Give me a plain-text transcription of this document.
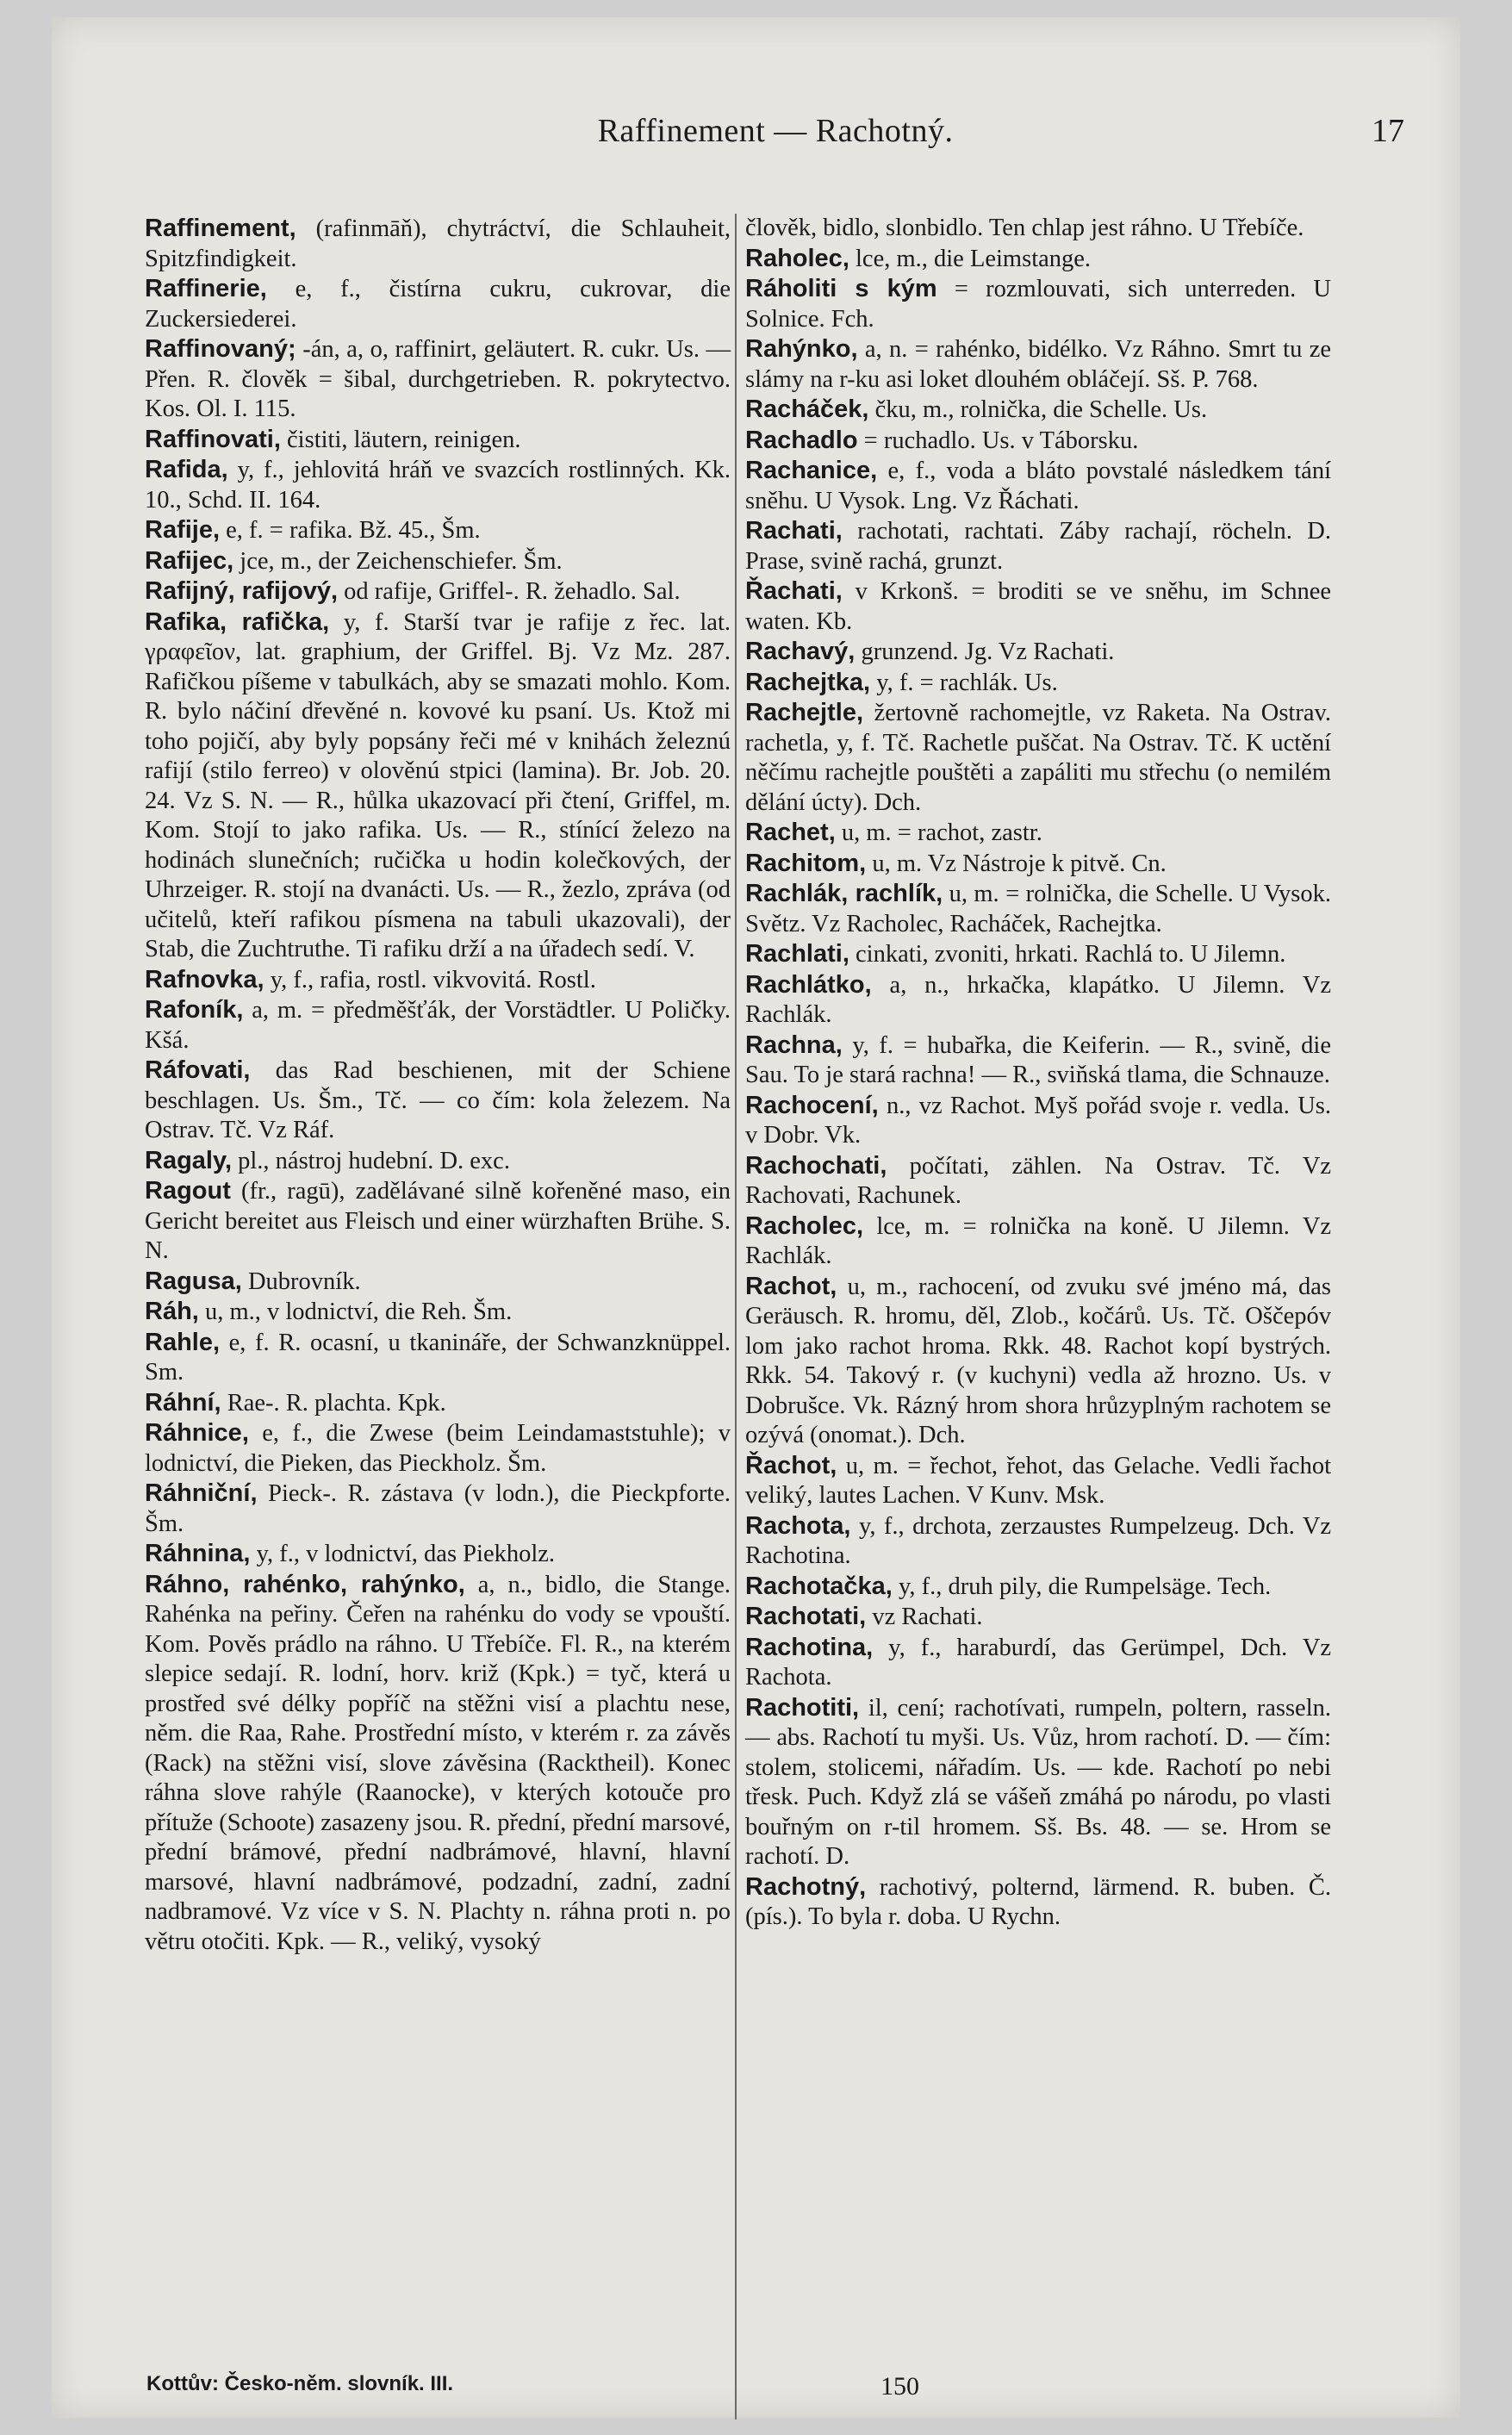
Raffinement — Rachotný.	17
Raffinement, (rafinmāň), chytráctví, die Schlauheit, Spitzfindigkeit.
Raffinerie, e, f., čistírna cukru, cukrovar, die Zuckersiederei.
Raffinovaný; -án, a, o, raffinirt, geläutert. R. cukr. Us. — Přen. R. člověk = šibal, durchgetrieben. R. pokrytectvo. Kos. Ol. I. 115.
Raffinovati, čistiti, läutern, reinigen.
Rafida, y, f., jehlovitá hráň ve svazcích rostlinných. Kk. 10., Schd. II. 164.
Rafije, e, f. = rafika. Bž. 45., Šm.
Rafijec, jce, m., der Zeichenschiefer. Šm.
Rafijný, rafijový, od rafije, Griffel-. R. žehadlo. Sal.
Rafika, rafička, y, f. Starší tvar je rafije z řec. lat. γραφεῖον, lat. graphium, der Griffel. Bj. Vz Mz. 287. Rafičkou píšeme v tabulkách, aby se smazati mohlo. Kom. R. bylo náčiní dřevěné n. kovové ku psaní. Us. Ktož mi toho pojičí, aby byly popsány řeči mé v knihách železnú rafijí (stilo ferreo) v olověnú stpici (lamina). Br. Job. 20. 24. Vz S. N. — R., hůlka ukazovací při čtení, Griffel, m. Kom. Stojí to jako rafika. Us. — R., stínící železo na hodinách slunečních; ručička u hodin kolečkových, der Uhrzeiger. R. stojí na dvanácti. Us. — R., žezlo, zpráva (od učitelů, kteří rafikou písmena na tabuli ukazovali), der Stab, die Zuchtruthe. Ti rafiku drží a na úřadech sedí. V.
Rafnovka, y, f., rafia, rostl. vikvovitá. Rostl.
Rafoník, a, m. = předměšťák, der Vorstädtler. U Poličky. Kšá.
Ráfovati, das Rad beschienen, mit der Schiene beschlagen. Us. Šm., Tč. — co čím: kola železem. Na Ostrav. Tč. Vz Ráf.
Ragaly, pl., nástroj hudební. D. exc.
Ragout (fr., ragū), zadělávané silně kořeněné maso, ein Gericht bereitet aus Fleisch und einer würzhaften Brühe. S. N.
Ragusa, Dubrovník.
Ráh, u, m., v lodnictví, die Reh. Šm.
Rahle, e, f. R. ocasní, u tkanináře, der Schwanzknüppel. Sm.
Ráhní, Rae-. R. plachta. Kpk.
Ráhnice, e, f., die Zwese (beim Leindamaststuhle); v lodnictví, die Pieken, das Pieckholz. Šm.
Ráhniční, Pieck-. R. zástava (v lodn.), die Pieckpforte. Šm.
Ráhnina, y, f., v lodnictví, das Piekholz.
Ráhno, rahénko, rahýnko, a, n., bidlo, die Stange. Rahénka na peřiny. Čeřen na rahénku do vody se vpouští. Kom. Pověs prádlo na ráhno. U Třebíče. Fl. R., na kterém slepice sedají. R. lodní, horv. križ (Kpk.) = tyč, která u prostřed své délky popříč na stěžni visí a plachtu nese, něm. die Raa, Rahe. Prostřední místo, v kterém r. za závěs (Rack) na stěžni visí, slove závěsina (Racktheil). Konec ráhna slove rahýle (Raanocke), v kterých kotouče pro přítuže (Schoote) zasazeny jsou. R. přední, přední marsové, přední brámové, přední nadbrámové, hlavní, hlavní marsové, hlavní nadbrámové, podzadní, zadní, zadní nadbramové. Vz více v S. N. Plachty n. ráhna proti n. po větru otočiti. Kpk. — R., veliký, vysoký
člověk, bidlo, slonbidlo. Ten chlap jest ráhno. U Třebíče.
Raholec, lce, m., die Leimstange.
Ráholiti s kým = rozmlouvati, sich unterreden. U Solnice. Fch.
Rahýnko, a, n. = rahénko, bidélko. Vz Ráhno. Smrt tu ze slámy na r-ku asi loket dlouhém obláčejí. Sš. P. 768.
Racháček, čku, m., rolnička, die Schelle. Us.
Rachadlo = ruchadlo. Us. v Táborsku.
Rachanice, e, f., voda a bláto povstalé následkem tání sněhu. U Vysok. Lng. Vz Řáchati.
Rachati, rachotati, rachtati. Záby rachají, röcheln. D. Prase, svině rachá, grunzt.
Řachati, v Krkonš. = broditi se ve sněhu, im Schnee waten. Kb.
Rachavý, grunzend. Jg. Vz Rachati.
Rachejtka, y, f. = rachlák. Us.
Rachejtle, žertovně rachomejtle, vz Raketa. Na Ostrav. rachetla, y, f. Tč. Rachetle puščat. Na Ostrav. Tč. K uctění něčímu rachejtle pouštěti a zapáliti mu střechu (o nemilém dělání úcty). Dch.
Rachet, u, m. = rachot, zastr.
Rachitom, u, m. Vz Nástroje k pitvě. Cn.
Rachlák, rachlík, u, m. = rolnička, die Schelle. U Vysok. Světz. Vz Racholec, Racháček, Rachejtka.
Rachlati, cinkati, zvoniti, hrkati. Rachlá to. U Jilemn.
Rachlátko, a, n., hrkačka, klapátko. U Jilemn. Vz Rachlák.
Rachna, y, f. = hubařka, die Keiferin. — R., svině, die Sau. To je stará rachna! — R., sviňská tlama, die Schnauze.
Rachocení, n., vz Rachot. Myš pořád svoje r. vedla. Us. v Dobr. Vk.
Rachochati, počítati, zählen. Na Ostrav. Tč. Vz Rachovati, Rachunek.
Racholec, lce, m. = rolnička na koně. U Jilemn. Vz Rachlák.
Rachot, u, m., rachocení, od zvuku své jméno má, das Geräusch. R. hromu, děl, Zlob., kočárů. Us. Tč. Oščepóv lom jako rachot hroma. Rkk. 48. Rachot kopí bystrých. Rkk. 54. Takový r. (v kuchyni) vedla až hrozno. Us. v Dobrušce. Vk. Rázný hrom shora hrůzyplným rachotem se ozývá (onomat.). Dch.
Řachot, u, m. = řechot, řehot, das Gelache. Vedli řachot veliký, lautes Lachen. V Kunv. Msk.
Rachota, y, f., drchota, zerzaustes Rumpelzeug. Dch. Vz Rachotina.
Rachotačka, y, f., druh pily, die Rumpelsäge. Tech.
Rachotati, vz Rachati.
Rachotina, y, f., haraburdí, das Gerümpel, Dch. Vz Rachota.
Rachotiti, il, cení; rachotívati, rumpeln, poltern, rasseln. — abs. Rachotí tu myši. Us. Vůz, hrom rachotí. D. — čím: stolem, stolicemi, nářadím. Us. — kde. Rachotí po nebi třesk. Puch. Když zlá se vášeň zmáhá po národu, po vlasti bouřným on r-til hromem. Sš. Bs. 48. — se. Hrom se rachotí. D.
Rachotný, rachotivý, polternd, lärmend. R. buben. Č. (pís.). To byla r. doba. U Rychn.
Kottův: Česko-něm. slovník. III.	150
